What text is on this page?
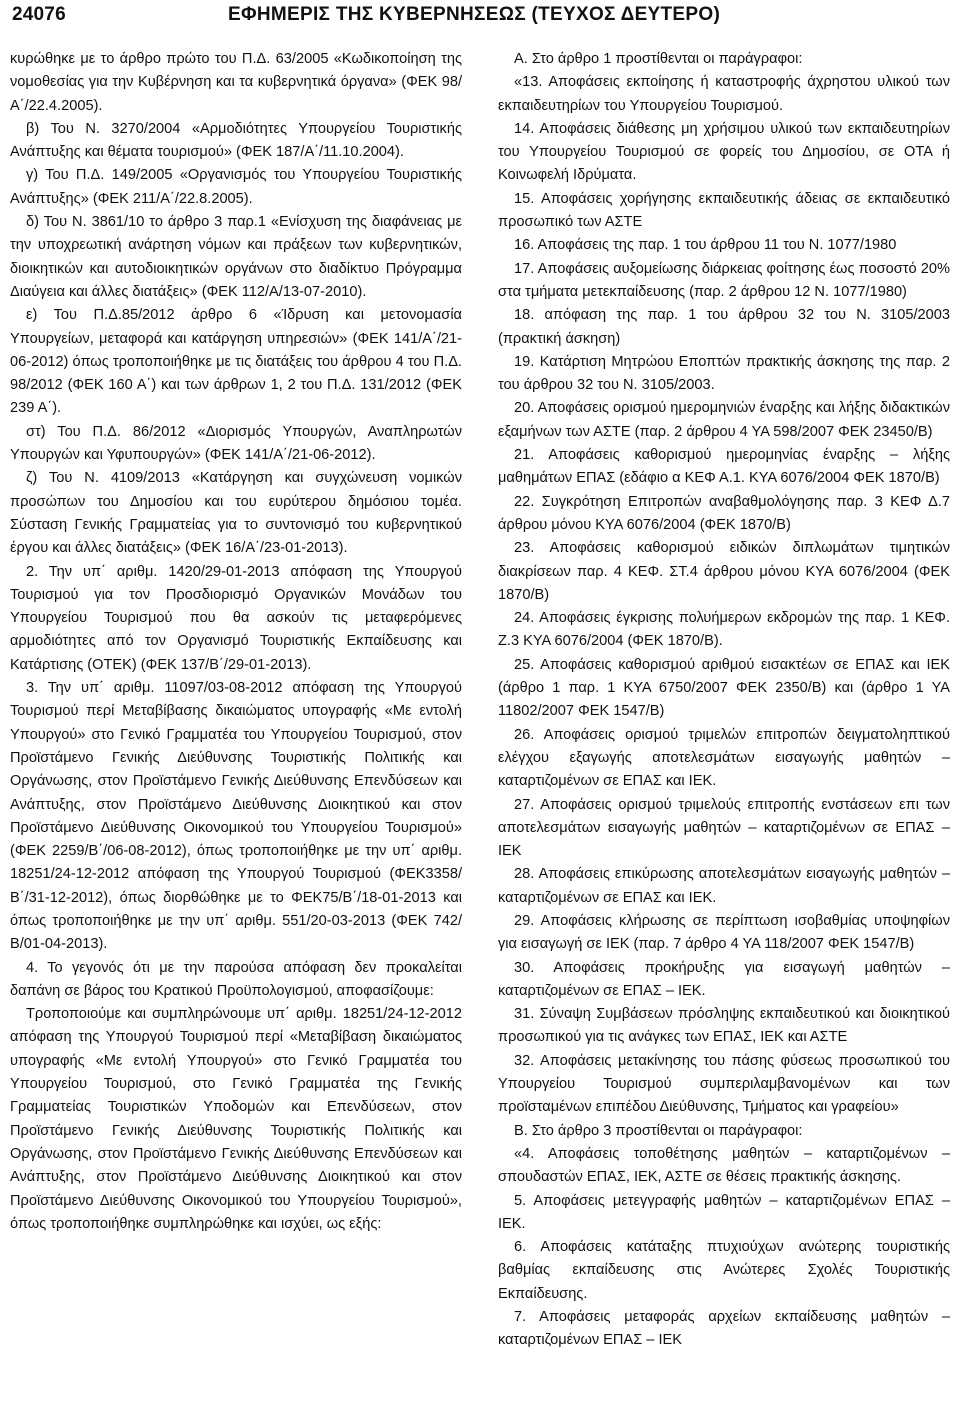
24076	ΕΦΗΜΕΡΙΣ ΤΗΣ ΚΥΒΕΡΝΗΣΕΩΣ (ΤΕΥΧΟΣ ΔΕΥΤΕΡΟ)

κυρώθηκε με το άρθρο πρώτο του Π.Δ. 63/2005 «Κωδικοποίηση της νομοθεσίας για την Κυβέρνηση και τα κυβερνητικά όργανα» (ΦΕΚ 98/Α΄/22.4.2005).

β) Του Ν. 3270/2004 «Αρμοδιότητες Υπουργείου Τουριστικής Ανάπτυξης και θέματα τουρισμού» (ΦΕΚ 187/Α΄/11.10.2004).

γ) Του Π.Δ. 149/2005 «Οργανισμός του Υπουργείου Τουριστικής Ανάπτυξης» (ΦΕΚ 211/Α΄/22.8.2005).

δ) Του Ν. 3861/10 το άρθρο 3 παρ.1 «Ενίσχυση της διαφάνειας με την υποχρεωτική ανάρτηση νόμων και πράξεων των κυβερνητικών, διοικητικών και αυτοδιοικητικών οργάνων στο διαδίκτυο Πρόγραμμα Διαύγεια και άλλες διατάξεις» (ΦΕΚ 112/Α/13-07-2010).

ε) Του Π.Δ.85/2012 άρθρο 6 «Ίδρυση και μετονομασία Υπουργείων, μεταφορά και κατάργηση υπηρεσιών» (ΦΕΚ 141/Α΄/21-06-2012) όπως τροποποιήθηκε με τις διατάξεις του άρθρου 4 του Π.Δ. 98/2012 (ΦΕΚ 160 Α΄) και των άρθρων 1, 2 του Π.Δ. 131/2012 (ΦΕΚ 239 Α΄).

στ) Του Π.Δ. 86/2012 «Διορισμός Υπουργών, Αναπληρωτών Υπουργών και Υφυπουργών» (ΦΕΚ 141/Α΄/21-06-2012).

ζ) Του Ν. 4109/2013 «Κατάργηση και συγχώνευση νομικών προσώπων του Δημοσίου και του ευρύτερου δημόσιου τομέα. Σύσταση Γενικής Γραμματείας για το συντονισμό του κυβερνητικού έργου και άλλες διατάξεις» (ΦΕΚ 16/Α΄/23-01-2013).

2. Την υπ΄ αριθμ. 1420/29-01-2013 απόφαση της Υπουργού Τουρισμού για τον Προσδιορισμό Οργανικών Μονάδων του Υπουργείου Τουρισμού που θα ασκούν τις μεταφερόμενες αρμοδιότητες από τον Οργανισμό Τουριστικής Εκπαίδευσης και Κατάρτισης (ΟΤΕΚ) (ΦΕΚ 137/Β΄/29-01-2013).

3. Την υπ΄ αριθμ. 11097/03-08-2012 απόφαση της Υπουργού Τουρισμού περί Μεταβίβασης δικαιώματος υπογραφής «Με εντολή Υπουργού» στο Γενικό Γραμματέα του Υπουργείου Τουρισμού, στον Προϊστάμενο Γενικής Διεύθυνσης Τουριστικής Πολιτικής και Οργάνωσης, στον Προϊστάμενο Γενικής Διεύθυνσης Επενδύσεων και Ανάπτυξης, στον Προϊστάμενο Διεύθυνσης Διοικητικού και στον Προϊστάμενο Διεύθυνσης Οικονομικού του Υπουργείου Τουρισμού» (ΦΕΚ 2259/Β΄/06-08-2012), όπως τροποποιήθηκε με την υπ΄ αριθμ. 18251/24-12-2012 απόφαση της Υπουργού Τουρισμού (ΦΕΚ3358/Β΄/31-12-2012), όπως διορθώθηκε με το ΦΕΚ75/Β΄/18-01-2013 και όπως τροποποιήθηκε με την υπ΄ αριθμ. 551/20-03-2013 (ΦΕΚ 742/Β/01-04-2013).

4. Το γεγονός ότι με την παρούσα απόφαση δεν προκαλείται δαπάνη σε βάρος του Κρατικού Προϋπολογισμού, αποφασίζουμε:

Τροποποιούμε και συμπληρώνουμε υπ΄ αριθμ. 18251/24-12-2012 απόφαση της Υπουργού Τουρισμού περί «Μεταβίβαση δικαιώματος υπογραφής «Με εντολή Υπουργού» στο Γενικό Γραμματέα του Υπουργείου Τουρισμού, στο Γενικό Γραμματέα της Γενικής Γραμματείας Τουριστικών Υποδομών και Επενδύσεων, στον Προϊστάμενο Γενικής Διεύθυνσης Τουριστικής Πολιτικής και Οργάνωσης, στον Προϊστάμενο Γενικής Διεύθυνσης Επενδύσεων και Ανάπτυξης, στον Προϊστάμενο Διεύθυνσης Διοικητικού και στον Προϊστάμενο Διεύθυνσης Οικονομικού του Υπουργείου Τουρισμού», όπως τροποποιήθηκε συμπληρώθηκε και ισχύει, ως εξής:

Α. Στο άρθρο 1 προστίθενται οι παράγραφοι:

«13. Αποφάσεις εκποίησης ή καταστροφής άχρηστου υλικού των εκπαιδευτηρίων του Υπουργείου Τουρισμού.

14. Αποφάσεις διάθεσης μη χρήσιμου υλικού των εκπαιδευτηρίων του Υπουργείου Τουρισμού σε φορείς του Δημοσίου, σε ΟΤΑ ή Κοινωφελή Ιδρύματα.

15. Αποφάσεις χορήγησης εκπαιδευτικής άδειας σε εκπαιδευτικό προσωπικό των ΑΣΤΕ

16. Αποφάσεις της παρ. 1 του άρθρου 11 του Ν. 1077/1980

17. Αποφάσεις αυξομείωσης διάρκειας φοίτησης έως ποσοστό 20% στα τμήματα μετεκπαίδευσης (παρ. 2 άρθρου 12 Ν. 1077/1980)

18. απόφαση της παρ. 1 του άρθρου 32 του Ν. 3105/2003 (πρακτική άσκηση)

19. Κατάρτιση Μητρώου Εποπτών πρακτικής άσκησης της παρ. 2 του άρθρου 32 του Ν. 3105/2003.

20. Αποφάσεις ορισμού ημερομηνιών έναρξης και λήξης διδακτικών εξαμήνων των ΑΣΤΕ (παρ. 2 άρθρου 4 ΥΑ 598/2007 ΦΕΚ 23450/Β)

21. Αποφάσεις καθορισμού ημερομηνίας έναρξης – λήξης μαθημάτων ΕΠΑΣ (εδάφιο α ΚΕΦ Α.1. ΚΥΑ 6076/2004 ΦΕΚ 1870/Β)

22. Συγκρότηση Επιτροπών αναβαθμολόγησης παρ. 3 ΚΕΦ Δ.7 άρθρου μόνου ΚΥΑ 6076/2004 (ΦΕΚ 1870/Β)

23. Αποφάσεις καθορισμού ειδικών διπλωμάτων τιμητικών διακρίσεων παρ. 4 ΚΕΦ. ΣΤ.4 άρθρου μόνου ΚΥΑ 6076/2004 (ΦΕΚ 1870/Β)

24. Αποφάσεις έγκρισης πολυήμερων εκδρομών της παρ. 1 ΚΕΦ. Ζ.3 ΚΥΑ 6076/2004 (ΦΕΚ 1870/Β).

25. Αποφάσεις καθορισμού αριθμού εισακτέων σε ΕΠΑΣ και ΙΕΚ (άρθρο 1 παρ. 1 ΚΥΑ 6750/2007 ΦΕΚ 2350/Β) και (άρθρο 1 ΥΑ 11802/2007 ΦΕΚ 1547/Β)

26. Αποφάσεις ορισμού τριμελών επιτροπών δειγματοληπτικού ελέγχου εξαγωγής αποτελεσμάτων εισαγωγής μαθητών – καταρτιζομένων σε ΕΠΑΣ και ΙΕΚ.

27. Αποφάσεις ορισμού τριμελούς επιτροπής ενστάσεων επι των αποτελεσμάτων εισαγωγής μαθητών – καταρτιζομένων σε ΕΠΑΣ – ΙΕΚ

28. Αποφάσεις επικύρωσης αποτελεσμάτων εισαγωγής μαθητών – καταρτιζομένων σε ΕΠΑΣ και ΙΕΚ.

29. Αποφάσεις κλήρωσης σε περίπτωση ισοβαθμίας υποψηφίων για εισαγωγή σε ΙΕΚ (παρ. 7 άρθρο 4 ΥΑ 118/2007 ΦΕΚ 1547/Β)

30. Αποφάσεις προκήρυξης για εισαγωγή μαθητών – καταρτιζομένων σε ΕΠΑΣ – ΙΕΚ.

31. Σύναψη Συμβάσεων πρόσληψης εκπαιδευτικού και διοικητικού προσωπικού για τις ανάγκες των ΕΠΑΣ, ΙΕΚ και ΑΣΤΕ

32. Αποφάσεις μετακίνησης του πάσης φύσεως προσωπικού του Υπουργείου Τουρισμού συμπεριλαμβανομένων και των προϊσταμένων επιπέδου Διεύθυνσης, Τμήματος και γραφείου»

Β. Στο άρθρο 3 προστίθενται οι παράγραφοι:

«4. Αποφάσεις τοποθέτησης μαθητών – καταρτιζομένων – σπουδαστών ΕΠΑΣ, ΙΕΚ, ΑΣΤΕ σε θέσεις πρακτικής άσκησης.

5. Αποφάσεις μετεγγραφής μαθητών – καταρτιζομένων ΕΠΑΣ – ΙΕΚ.

6. Αποφάσεις κατάταξης πτυχιούχων ανώτερης τουριστικής βαθμίας εκπαίδευσης στις Ανώτερες Σχολές Τουριστικής Εκπαίδευσης.

7. Αποφάσεις μεταφοράς αρχείων εκπαίδευσης μαθητών – καταρτιζομένων ΕΠΑΣ – ΙΕΚ
